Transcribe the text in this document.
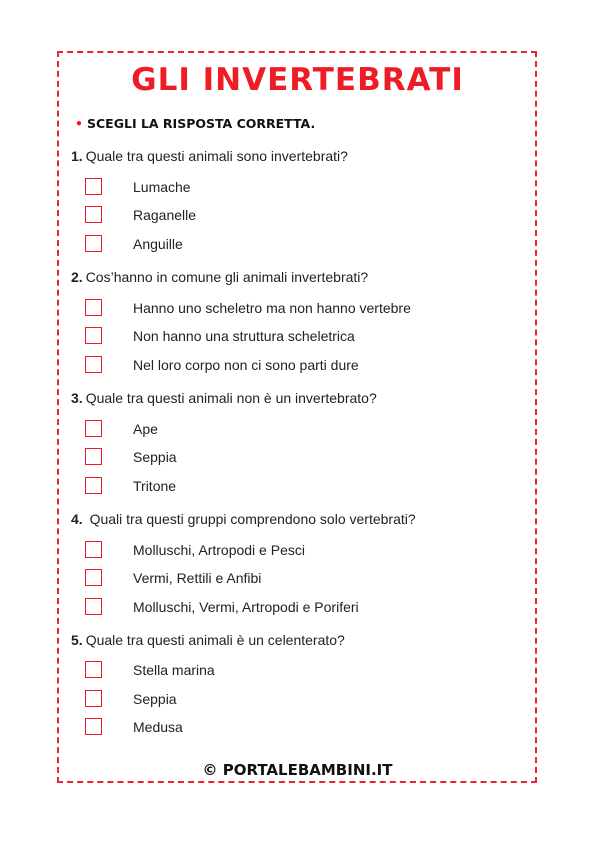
GLI INVERTEBRATI
• SCEGLI LA RISPOSTA CORRETTA.
1. Quale tra questi animali sono invertebrati?
Lumache
Raganelle
Anguille
2. Cos’hanno in comune gli animali invertebrati?
Hanno uno scheletro ma non hanno vertebre
Non hanno una struttura scheletrica
Nel loro corpo non ci sono parti dure
3. Quale tra questi animali non è un invertebrato?
Ape
Seppia
Tritone
4. Quali tra questi gruppi comprendono solo vertebrati?
Molluschi, Artropodi e Pesci
Vermi, Rettili e Anfibi
Molluschi, Vermi, Artropodi e Poriferi
5. Quale tra questi animali è un celenterato?
Stella marina
Seppia
Medusa
© PORTALEBAMBINI.IT
